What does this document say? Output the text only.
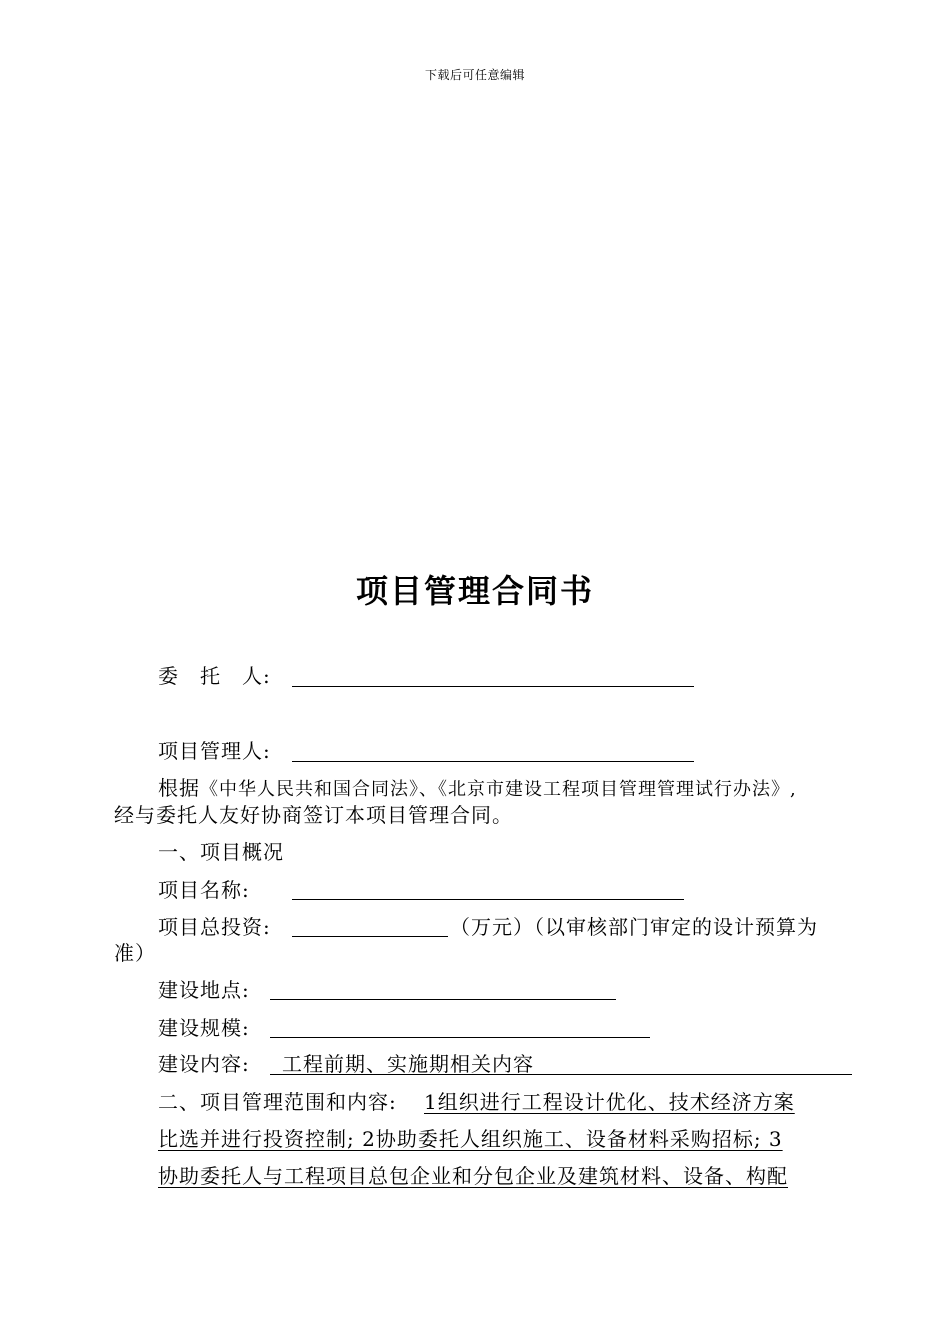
下载后可任意编辑
项目管理合同书
委　托　人:
项目管理人:
根据《中华人民共和国合同法》、《北京市建设工程项目管理管理试行办法》,
经与委托人友好协商签订本项目管理合同。
一、项目概况
项目名称:
项目总投资:	（万元）（以审核部门审定的设计预算为
准）
建设地点:
建设规模:
建设内容: 工程前期、实施期相关内容
二、项目管理范围和内容: 1组织进行工程设计优化、技术经济方案
比选并进行投资控制; 2协助委托人组织施工、设备材料采购招标; 3
协助委托人与工程项目总包企业和分包企业及建筑材料、设备、构配
